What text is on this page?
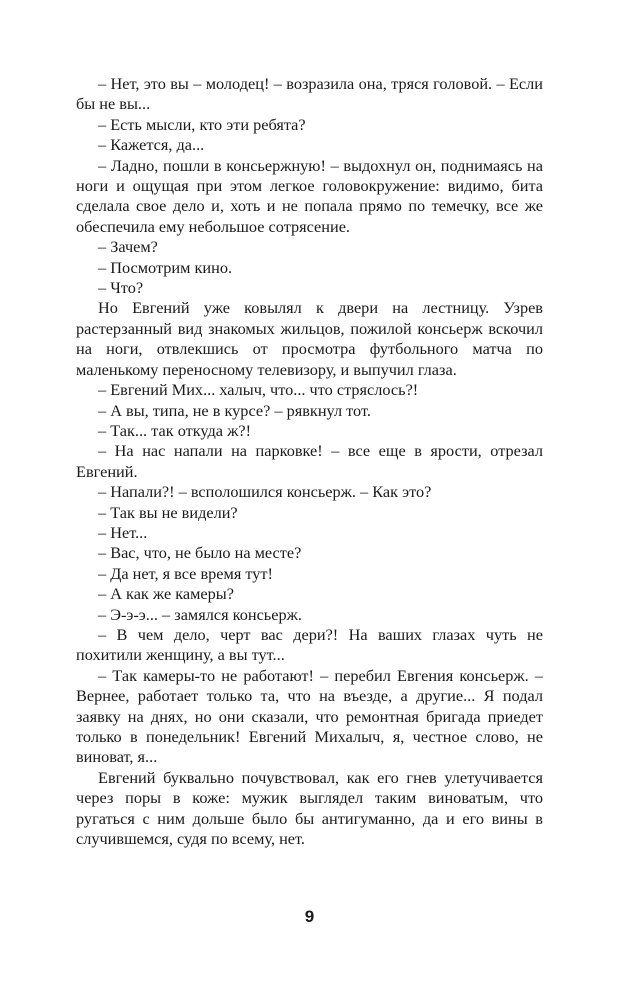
– Нет, это вы – молодец! – возразила она, тряся головой. – Если бы не вы...

– Есть мысли, кто эти ребята?

– Кажется, да...

– Ладно, пошли в консьержную! – выдохнул он, поднимаясь на ноги и ощущая при этом легкое головокружение: видимо, бита сделала свое дело и, хоть и не попала прямо по темечку, все же обеспечила ему небольшое сотрясение.

– Зачем?

– Посмотрим кино.

– Что?

Но Евгений уже ковылял к двери на лестницу. Узрев растерзанный вид знакомых жильцов, пожилой консьерж вскочил на ноги, отвлекшись от просмотра футбольного матча по маленькому переносному телевизору, и выпучил глаза.

– Евгений Мих... халыч, что... что стряслось?!

– А вы, типа, не в курсе? – рявкнул тот.

– Так... так откуда ж?!

– На нас напали на парковке! – все еще в ярости, отрезал Евгений.

– Напали?! – всполошился консьерж. – Как это?

– Так вы не видели?

– Нет...

– Вас, что, не было на месте?

– Да нет, я все время тут!

– А как же камеры?

– Э-э-э... – замялся консьерж.

– В чем дело, черт вас дери?! На ваших глазах чуть не похитили женщину, а вы тут...

– Так камеры-то не работают! – перебил Евгения консьерж. – Вернее, работает только та, что на въезде, а другие... Я подал заявку на днях, но они сказали, что ремонтная бригада приедет только в понедельник! Евгений Михалыч, я, честное слово, не виноват, я...

Евгений буквально почувствовал, как его гнев улетучивается через поры в коже: мужик выглядел таким виноватым, что ругаться с ним дольше было бы антигуманно, да и его вины в случившемся, судя по всему, нет.

9
